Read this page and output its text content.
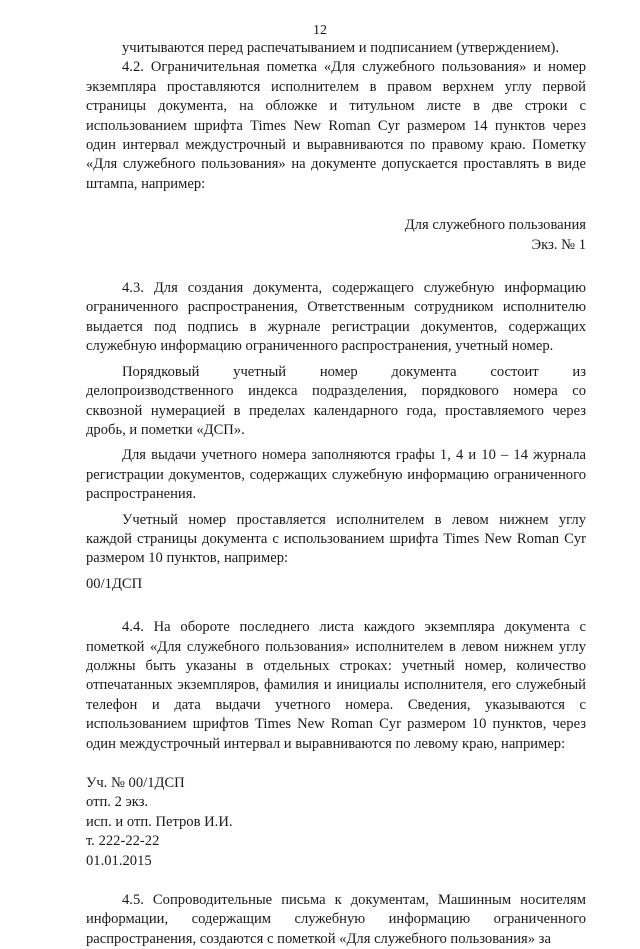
12

учитываются перед распечатыванием и подписанием (утверждением).

4.2. Ограничительная пометка «Для служебного пользования» и номер экземпляра проставляются исполнителем в правом верхнем углу первой страницы документа, на обложке и титульном листе в две строки с использованием шрифта Times New Roman Cyr размером 14 пунктов через один интервал междустрочный и выравниваются по правому краю. Пометку «Для служебного пользования» на документе допускается проставлять в виде штампа, например:

Для служебного пользования
Экз. № 1

4.3. Для создания документа, содержащего служебную информацию ограниченного распространения, Ответственным сотрудником исполнителю выдается под подпись в журнале регистрации документов, содержащих служебную информацию ограниченного распространения, учетный номер.

Порядковый учетный номер документа состоит из делопроизводственного индекса подразделения, порядкового номера со сквозной нумерацией в пределах календарного года, проставляемого через дробь, и пометки «ДСП».

Для выдачи учетного номера заполняются графы 1, 4 и 10 – 14 журнала регистрации документов, содержащих служебную информацию ограниченного распространения.

Учетный номер проставляется исполнителем в левом нижнем углу каждой страницы документа с использованием шрифта Times New Roman Cyr размером 10 пунктов, например:

00/1ДСП

4.4. На обороте последнего листа каждого экземпляра документа с пометкой «Для служебного пользования» исполнителем в левом нижнем углу должны быть указаны в отдельных строках: учетный номер, количество отпечатанных экземпляров, фамилия и инициалы исполнителя, его служебный телефон и дата выдачи учетного номера. Сведения, указываются с использованием шрифтов Times New Roman Cyr размером 10 пунктов, через один междустрочный интервал и выравниваются по левому краю, например:

Уч. № 00/1ДСП
отп. 2 экз.
исп. и отп. Петров И.И.
т. 222-22-22
01.01.2015

4.5. Сопроводительные письма к документам, Машинным носителям информации, содержащим служебную информацию ограниченного распространения, создаются с пометкой «Для служебного пользования» за
